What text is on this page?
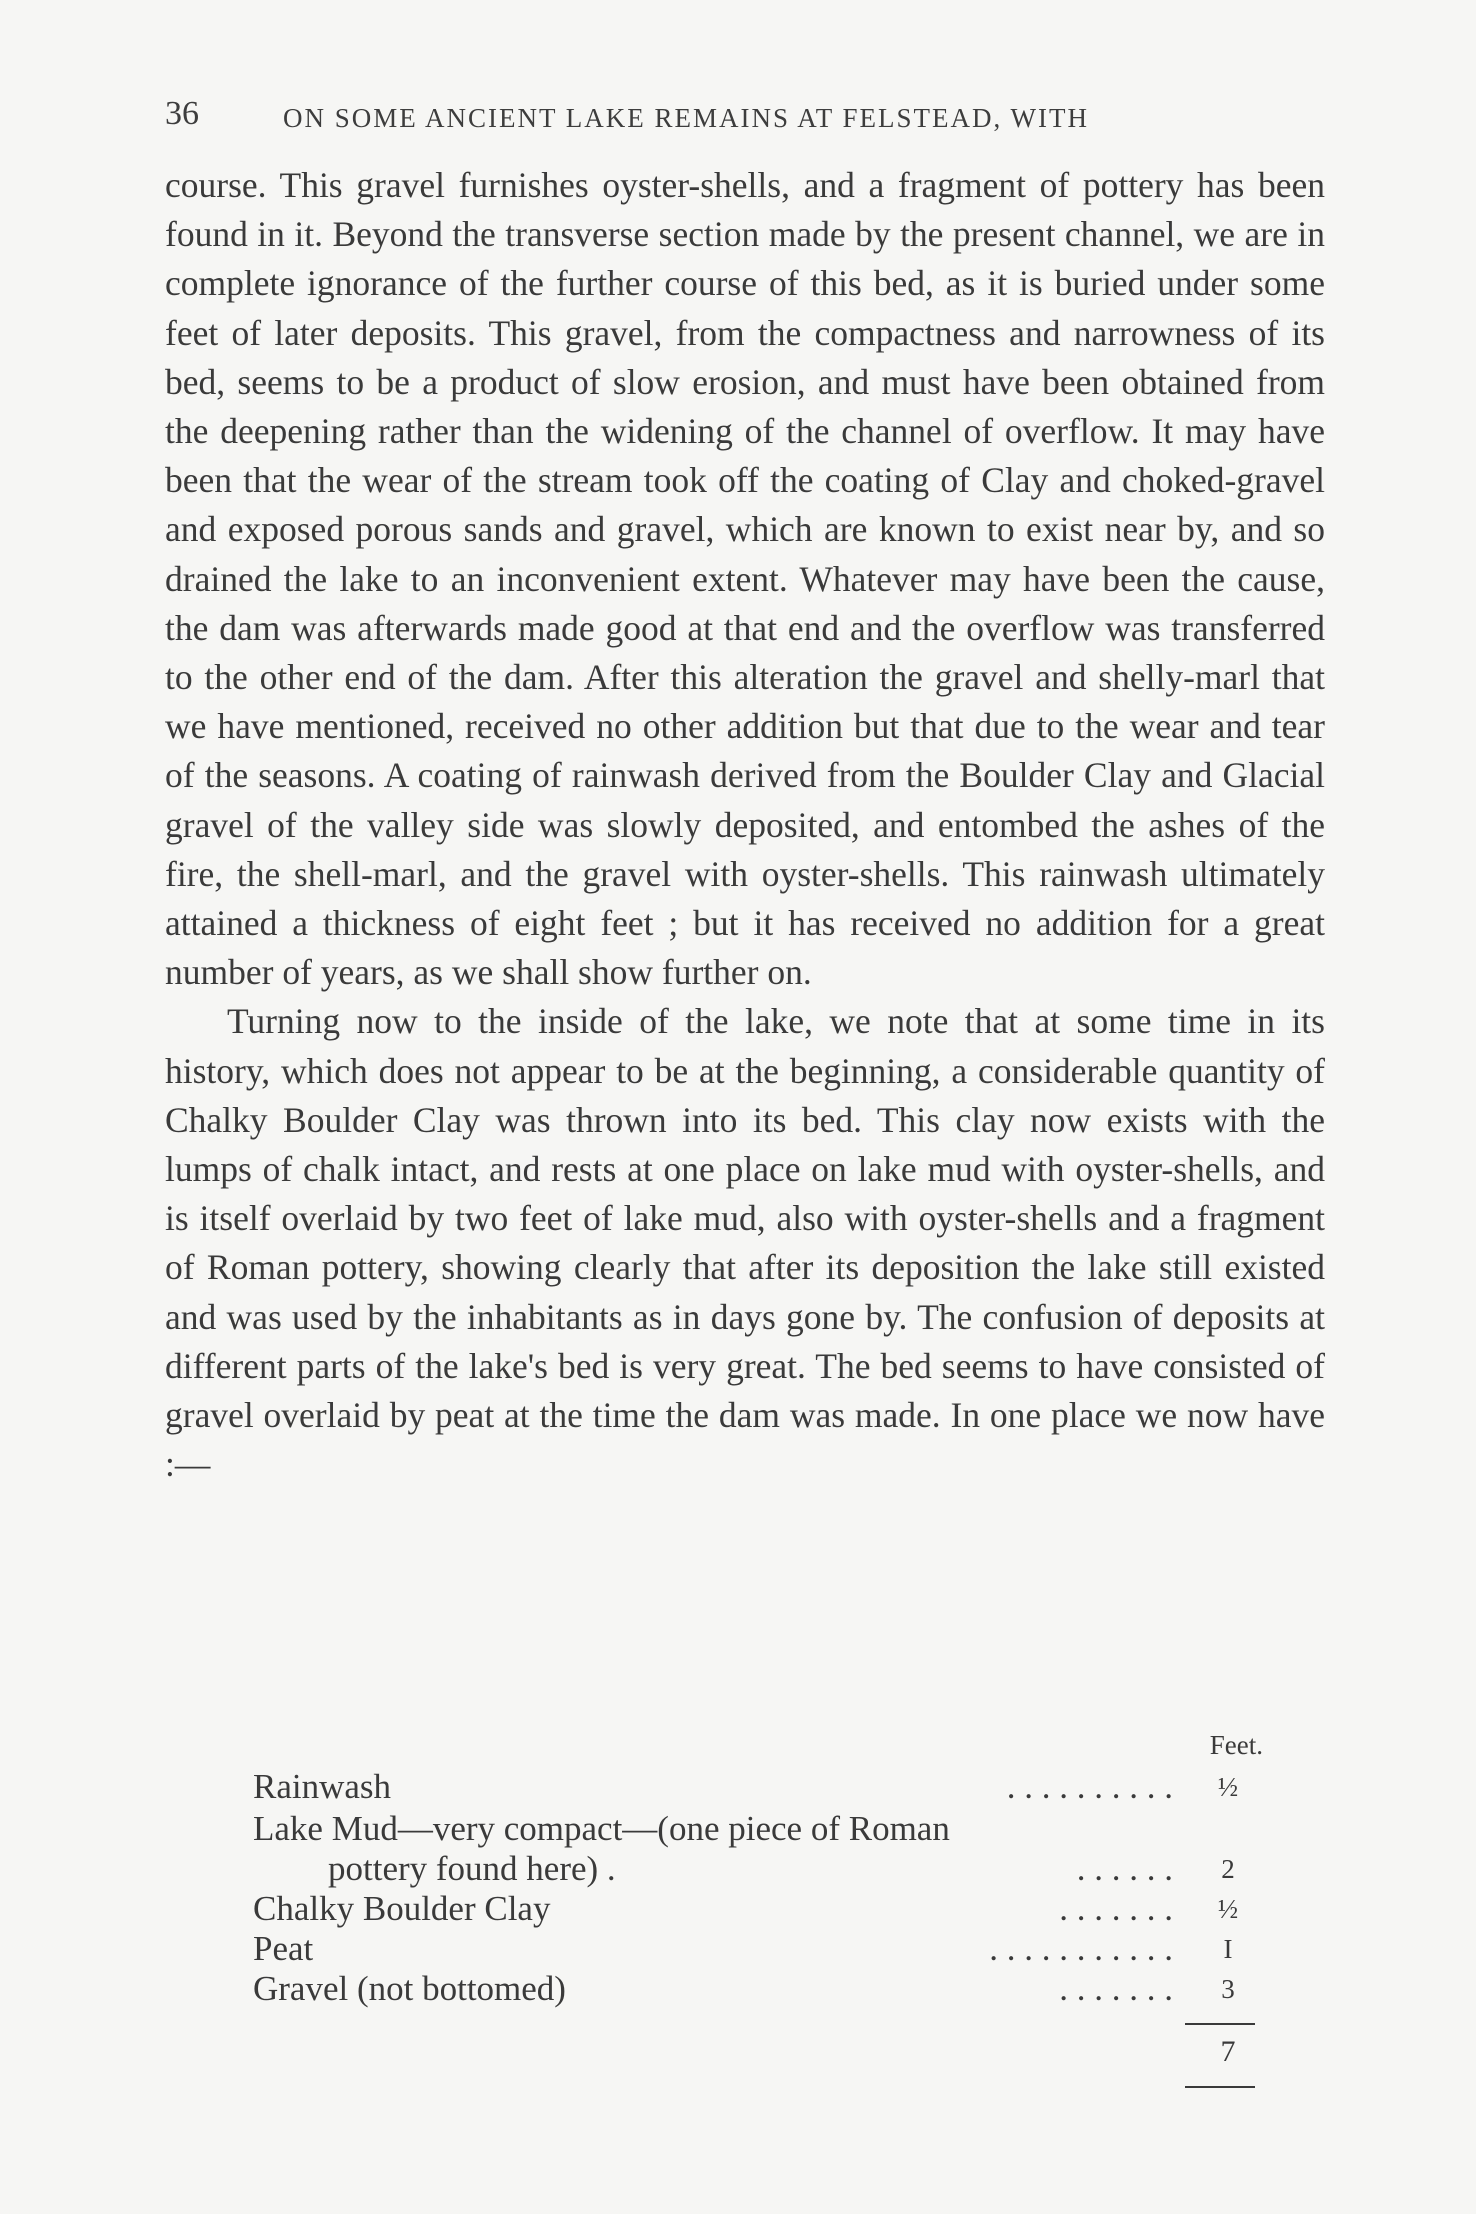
36	ON SOME ANCIENT LAKE REMAINS AT FELSTEAD, WITH

course. This gravel furnishes oyster-shells, and a fragment of pottery has been found in it. Beyond the transverse section made by the present channel, we are in complete ignorance of the further course of this bed, as it is buried under some feet of later deposits. This gravel, from the compactness and narrowness of its bed, seems to be a product of slow erosion, and must have been obtained from the deepening rather than the widening of the channel of overflow. It may have been that the wear of the stream took off the coating of Clay and choked-gravel and exposed porous sands and gravel, which are known to exist near by, and so drained the lake to an inconvenient extent. Whatever may have been the cause, the dam was afterwards made good at that end and the overflow was transferred to the other end of the dam. After this alteration the gravel and shelly-marl that we have mentioned, received no other addition but that due to the wear and tear of the seasons. A coating of rainwash derived from the Boulder Clay and Glacial gravel of the valley side was slowly deposited, and entombed the ashes of the fire, the shell-marl, and the gravel with oyster-shells. This rainwash ultimately attained a thickness of eight feet ; but it has received no addition for a great number of years, as we shall show further on.

Turning now to the inside of the lake, we note that at some time in its history, which does not appear to be at the beginning, a considerable quantity of Chalky Boulder Clay was thrown into its bed. This clay now exists with the lumps of chalk intact, and rests at one place on lake mud with oyster-shells, and is itself overlaid by two feet of lake mud, also with oyster-shells and a fragment of Roman pottery, showing clearly that after its deposition the lake still existed and was used by the inhabitants as in days gone by. The confusion of deposits at different parts of the lake's bed is very great. The bed seems to have consisted of gravel overlaid by peat at the time the dam was made. In one place we now have :—

Feet.
Rainwash	. . . . . . . . . . ½
Lake Mud—very compact—(one piece of Roman
pottery found here) .	. . . . . .	2
Chalky Boulder Clay	. . . . . . . ½
Peat	. . . . . . . . . . .	I
Gravel (not bottomed)	. . . . . . .	3
7
